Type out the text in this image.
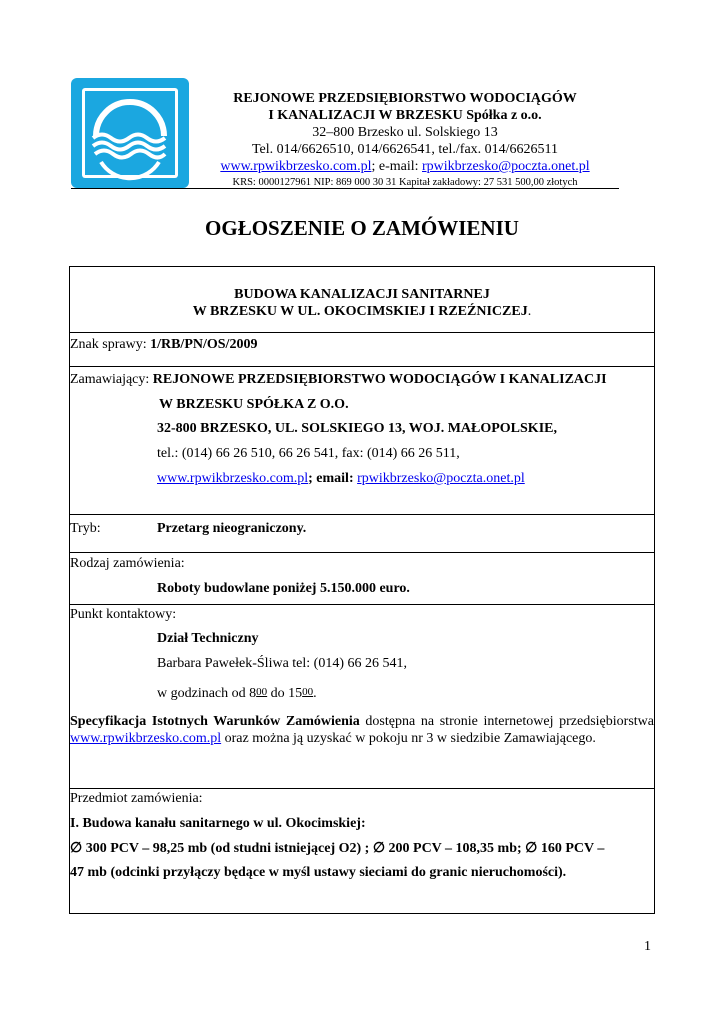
REJONOWE PRZEDSIĘBIORSTWO WODOCIĄGÓW
I KANALIZACJI W BRZESKU Spółka z o.o.
32–800 Brzesko ul. Solskiego 13
Tel. 014/6626510, 014/6626541, tel./fax. 014/6626511
www.rpwikbrzesko.com.pl; e-mail: rpwikbrzesko@poczta.onet.pl
KRS: 0000127961 NIP: 869 000 30 31 Kapitał zakładowy: 27 531 500,00 złotych
OGŁOSZENIE O ZAMÓWIENIU
BUDOWA KANALIZACJI SANITARNEJ
W BRZESKU W UL. OKOCIMSKIEJ I RZEŹNICZEJ.
Znak sprawy: 1/RB/PN/OS/2009
Zamawiający: REJONOWE PRZEDSIĘBIORSTWO WODOCIĄGÓW I KANALIZACJI
W BRZESKU SPÓŁKA Z O.O.
32-800 BRZESKO, UL. SOLSKIEGO 13, WOJ. MAŁOPOLSKIE,
tel.: (014) 66 26 510, 66 26 541, fax: (014) 66 26 511,
www.rpwikbrzesko.com.pl; email: rpwikbrzesko@poczta.onet.pl
Tryb:	Przetarg nieograniczony.
Rodzaj zamówienia:
Roboty budowlane poniżej 5.150.000 euro.
Punkt kontaktowy:
Dział Techniczny
Barbara Pawełek-Śliwa tel: (014) 66 26 541,
w godzinach od $8^{00}$ do $15^{00}$.
Specyfikacja Istotnych Warunków Zamówienia dostępna na stronie internetowej przedsiębiorstwa www.rpwikbrzesko.com.pl oraz można ją uzyskać w pokoju nr 3 w siedzibie Zamawiającego.
Przedmiot zamówienia:
I. Budowa kanału sanitarnego w ul. Okocimskiej:
∅ 300 PCV – 98,25 mb (od studni istniejącej O2) ; ∅ 200 PCV – 108,35 mb; ∅ 160 PCV –
47 mb (odcinki przyłączy będące w myśl ustawy sieciami do granic nieruchomości).
1
